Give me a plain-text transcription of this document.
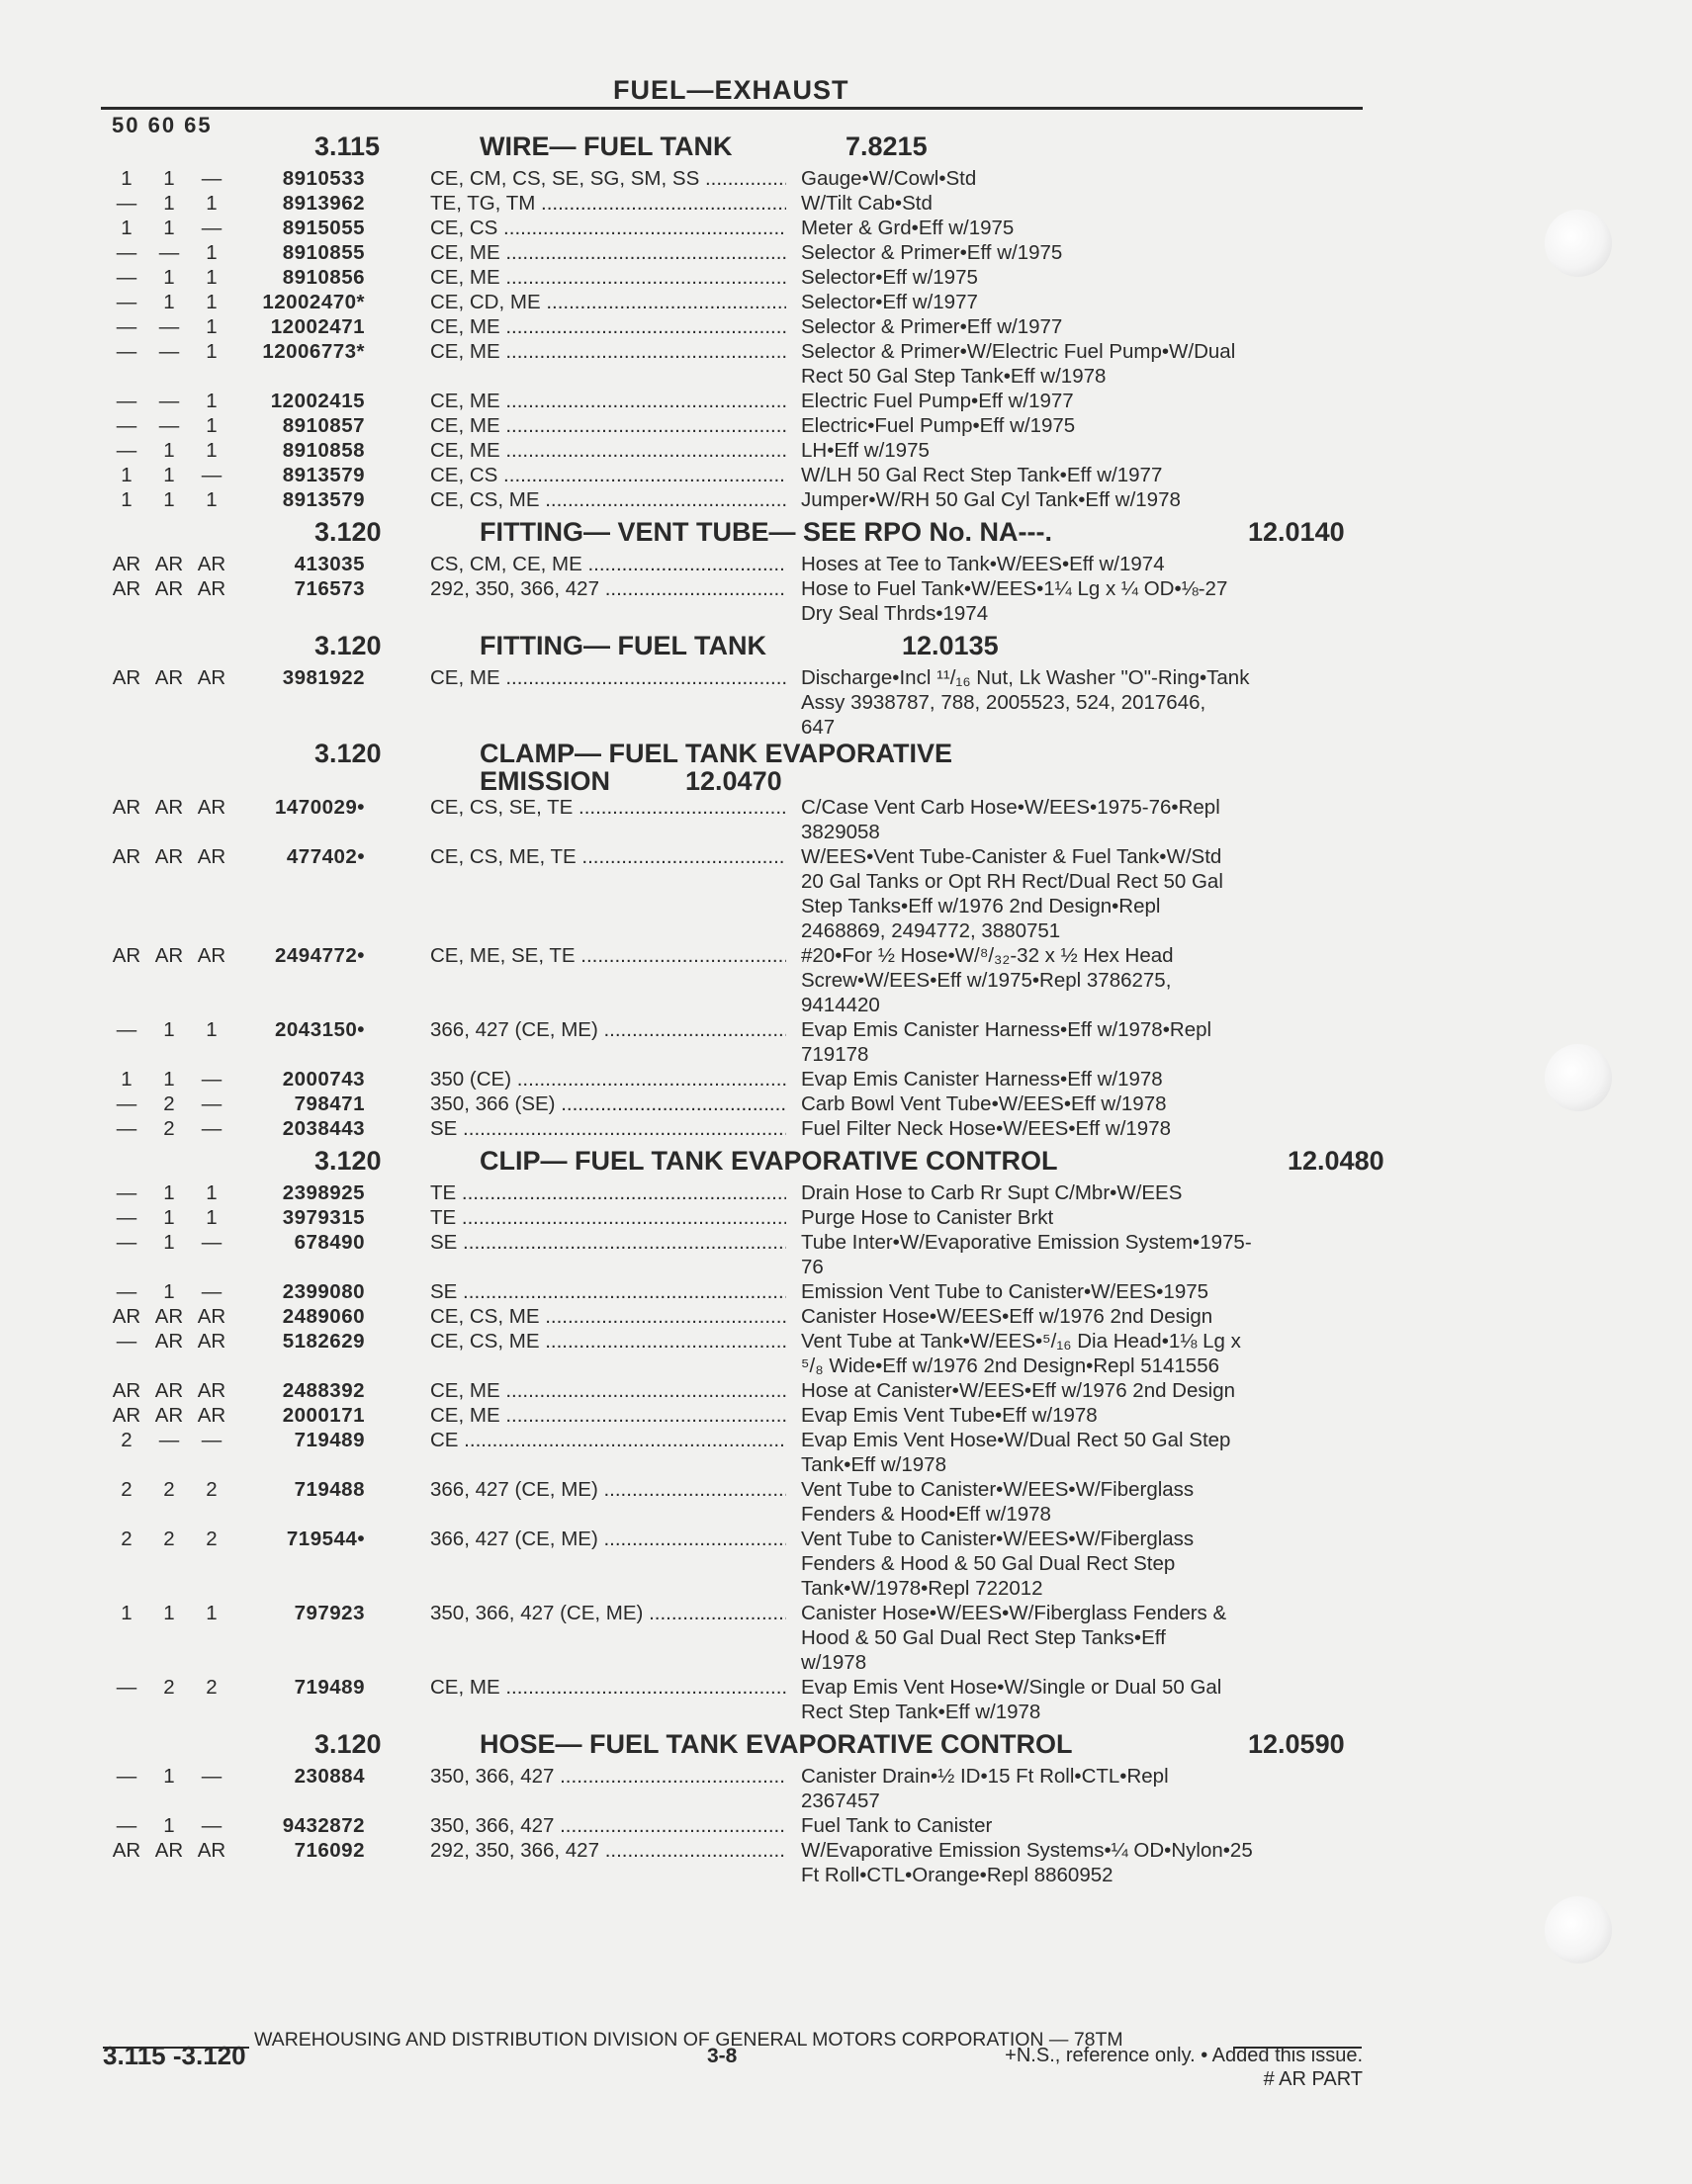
FUEL—EXHAUST
50 60 65
3.115	WIRE— FUEL TANK	7.8215
1	1	—	8910533	CE, CM, CS, SE, SG, SM, SS .....	Gauge•W/Cowl•Std
—	1	1	8913962	TE, TG, TM .....	W/Tilt Cab•Std
1	1	—	8915055	CE, CS .....	Meter & Grd•Eff w/1975
— —	1	8910855	CE, ME .....	Selector & Primer•Eff w/1975
—	1	1	8910856	CE, ME .....	Selector•Eff w/1975
—	1	1	12002470*	CE, CD, ME .....	Selector•Eff w/1977
— —	1	12002471	CE, ME .....	Selector & Primer•Eff w/1977
— —	1	12006773*	CE, ME .....	Selector & Primer•W/Electric Fuel Pump•W/Dual
Rect 50 Gal Step Tank•Eff w/1978
— —	1	12002415	CE, ME .....	Electric Fuel Pump•Eff w/1977
— —	1	8910857	CE, ME .....	Electric•Fuel Pump•Eff w/1975
—	1	1	8910858	CE, ME .....	LH•Eff w/1975
1	1	—	8913579	CE, CS .....	W/LH 50 Gal Rect Step Tank•Eff w/1977
1	1	1	8913579	CE, CS, ME .....	Jumper•W/RH 50 Gal Cyl Tank•Eff w/1978
3.120	FITTING— VENT TUBE— SEE RPO No. NA---.	12.0140
AR AR AR	413035	CS, CM, CE, ME .....	Hoses at Tee to Tank•W/EES•Eff w/1974
AR AR AR	716573	292, 350, 366, 427 .....	Hose to Fuel Tank•W/EES•1¼ Lg x ¼ OD•⅛-27
Dry Seal Thrds•1974
3.120	FITTING— FUEL TANK	12.0135
AR AR AR	3981922	CE, ME .....	Discharge•Incl ¹¹/₁₆ Nut, Lk Washer "O"-Ring•Tank
Assy 3938787, 788, 2005523, 524, 2017646,
647
3.120	CLAMP— FUEL TANK EVAPORATIVE
EMISSION	12.0470
AR AR AR 1470029•	CE, CS, SE, TE .....	C/Case Vent Carb Hose•W/EES•1975-76•Repl
3829058
AR AR AR	477402•	CE, CS, ME, TE .....	W/EES•Vent Tube-Canister & Fuel Tank•W/Std
20 Gal Tanks or Opt RH Rect/Dual Rect 50 Gal
Step Tanks•Eff w/1976 2nd Design•Repl
2468869, 2494772, 3880751
AR AR AR 2494772•	CE, ME, SE, TE .....	#20•For ½ Hose•W/⁸/₃₂-32 x ½ Hex Head
Screw•W/EES•Eff w/1975•Repl 3786275,
9414420
—	1	1	2043150•	366, 427 (CE, ME) .....	Evap Emis Canister Harness•Eff w/1978•Repl
719178
1	1	—	2000743	350 (CE) .....	Evap Emis Canister Harness•Eff w/1978
—	2	—	798471	350, 366 (SE) .....	Carb Bowl Vent Tube•W/EES•Eff w/1978
—	2	—	2038443	SE .....	Fuel Filter Neck Hose•W/EES•Eff w/1978
3.120	CLIP— FUEL TANK EVAPORATIVE CONTROL	12.0480
—	1	1	2398925	TE .....	Drain Hose to Carb Rr Supt C/Mbr•W/EES
—	1	1	3979315	TE .....	Purge Hose to Canister Brkt
—	1	—	678490	SE .....	Tube Inter•W/Evaporative Emission System•1975-
76
—	1	—	2399080	SE .....	Emission Vent Tube to Canister•W/EES•1975
AR AR AR	2489060	CE, CS, ME .....	Canister Hose•W/EES•Eff w/1976 2nd Design
— AR AR	5182629	CE, CS, ME .....	Vent Tube at Tank•W/EES•⁵/₁₆ Dia Head•1⅛ Lg x
⁵/₈ Wide•Eff w/1976 2nd Design•Repl 5141556
AR AR AR	2488392	CE, ME .....	Hose at Canister•W/EES•Eff w/1976 2nd Design
AR AR AR	2000171	CE, ME .....	Evap Emis Vent Tube•Eff w/1978
2	— —	719489	CE .....	Evap Emis Vent Hose•W/Dual Rect 50 Gal Step
Tank•Eff w/1978
2	2	2	719488	366, 427 (CE, ME) .....	Vent Tube to Canister•W/EES•W/Fiberglass
Fenders & Hood•Eff w/1978
2	2	2	719544•	366, 427 (CE, ME) .....	Vent Tube to Canister•W/EES•W/Fiberglass
Fenders & Hood & 50 Gal Dual Rect Step
Tank•W/1978•Repl 722012
1	1	1	797923	350, 366, 427 (CE, ME) .....	Canister Hose•W/EES•W/Fiberglass Fenders &
Hood & 50 Gal Dual Rect Step Tanks•Eff
w/1978
—	2	2	719489	CE, ME .....	Evap Emis Vent Hose•W/Single or Dual 50 Gal
Rect Step Tank•Eff w/1978
3.120	HOSE— FUEL TANK EVAPORATIVE CONTROL	12.0590
—	1	—	230884	350, 366, 427 .....	Canister Drain•½ ID•15 Ft Roll•CTL•Repl
2367457
—	1	—	9432872	350, 366, 427 .....	Fuel Tank to Canister
AR AR AR	716092	292, 350, 366, 427 .....	W/Evaporative Emission Systems•¼ OD•Nylon•25
Ft Roll•CTL•Orange•Repl 8860952
WAREHOUSING AND DISTRIBUTION DIVISION OF GENERAL MOTORS CORPORATION — 78TM
3.115 -3.120	3-8	+N.S., reference only. • Added this issue.
# AR PART
